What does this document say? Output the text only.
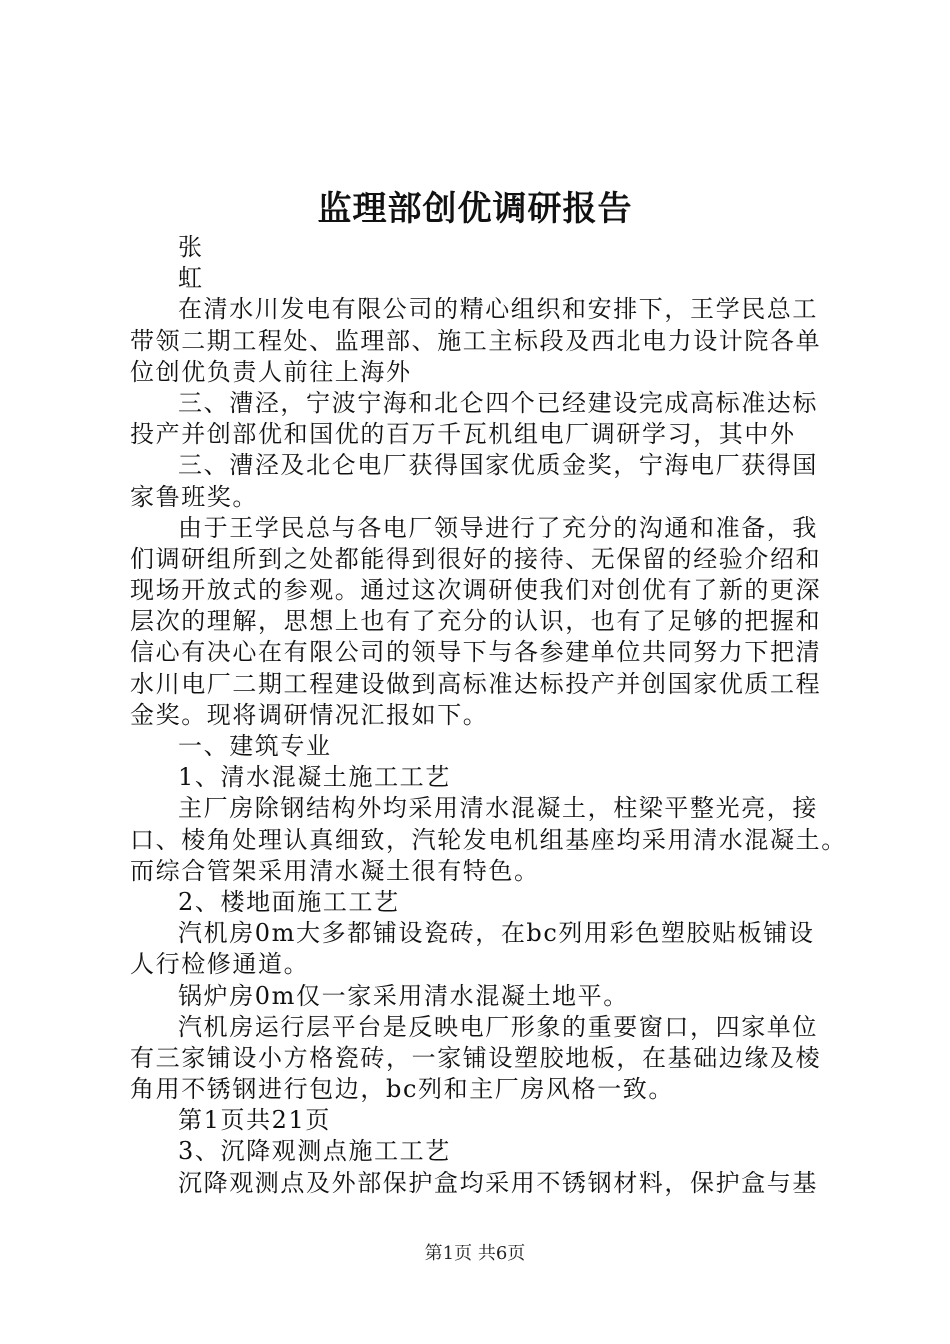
监理部创优调研报告
张
虹
在清水川发电有限公司的精心组织和安排下，王学民总工
带领二期工程处、监理部、施工主标段及西北电力设计院各单
位创优负责人前往上海外
三、漕泾，宁波宁海和北仑四个已经建设完成高标准达标
投产并创部优和国优的百万千瓦机组电厂调研学习，其中外
三、漕泾及北仑电厂获得国家优质金奖，宁海电厂获得国
家鲁班奖。
由于王学民总与各电厂领导进行了充分的沟通和准备，我
们调研组所到之处都能得到很好的接待、无保留的经验介绍和
现场开放式的参观。通过这次调研使我们对创优有了新的更深
层次的理解，思想上也有了充分的认识，也有了足够的把握和
信心有决心在有限公司的领导下与各参建单位共同努力下把清
水川电厂二期工程建设做到高标准达标投产并创国家优质工程
金奖。现将调研情况汇报如下。
一、建筑专业
1、清水混凝土施工工艺
主厂房除钢结构外均采用清水混凝土，柱梁平整光亮，接
口、棱角处理认真细致，汽轮发电机组基座均采用清水混凝土。
而综合管架采用清水凝土很有特色。
2、楼地面施工工艺
汽机房0m大多都铺设瓷砖，在bc列用彩色塑胶贴板铺设
人行检修通道。
锅炉房0m仅一家采用清水混凝土地平。
汽机房运行层平台是反映电厂形象的重要窗口，四家单位
有三家铺设小方格瓷砖，一家铺设塑胶地板，在基础边缘及棱
角用不锈钢进行包边，bc列和主厂房风格一致。
第1页共21页
3、沉降观测点施工工艺
沉降观测点及外部保护盒均采用不锈钢材料，保护盒与基
第1页 共6页
